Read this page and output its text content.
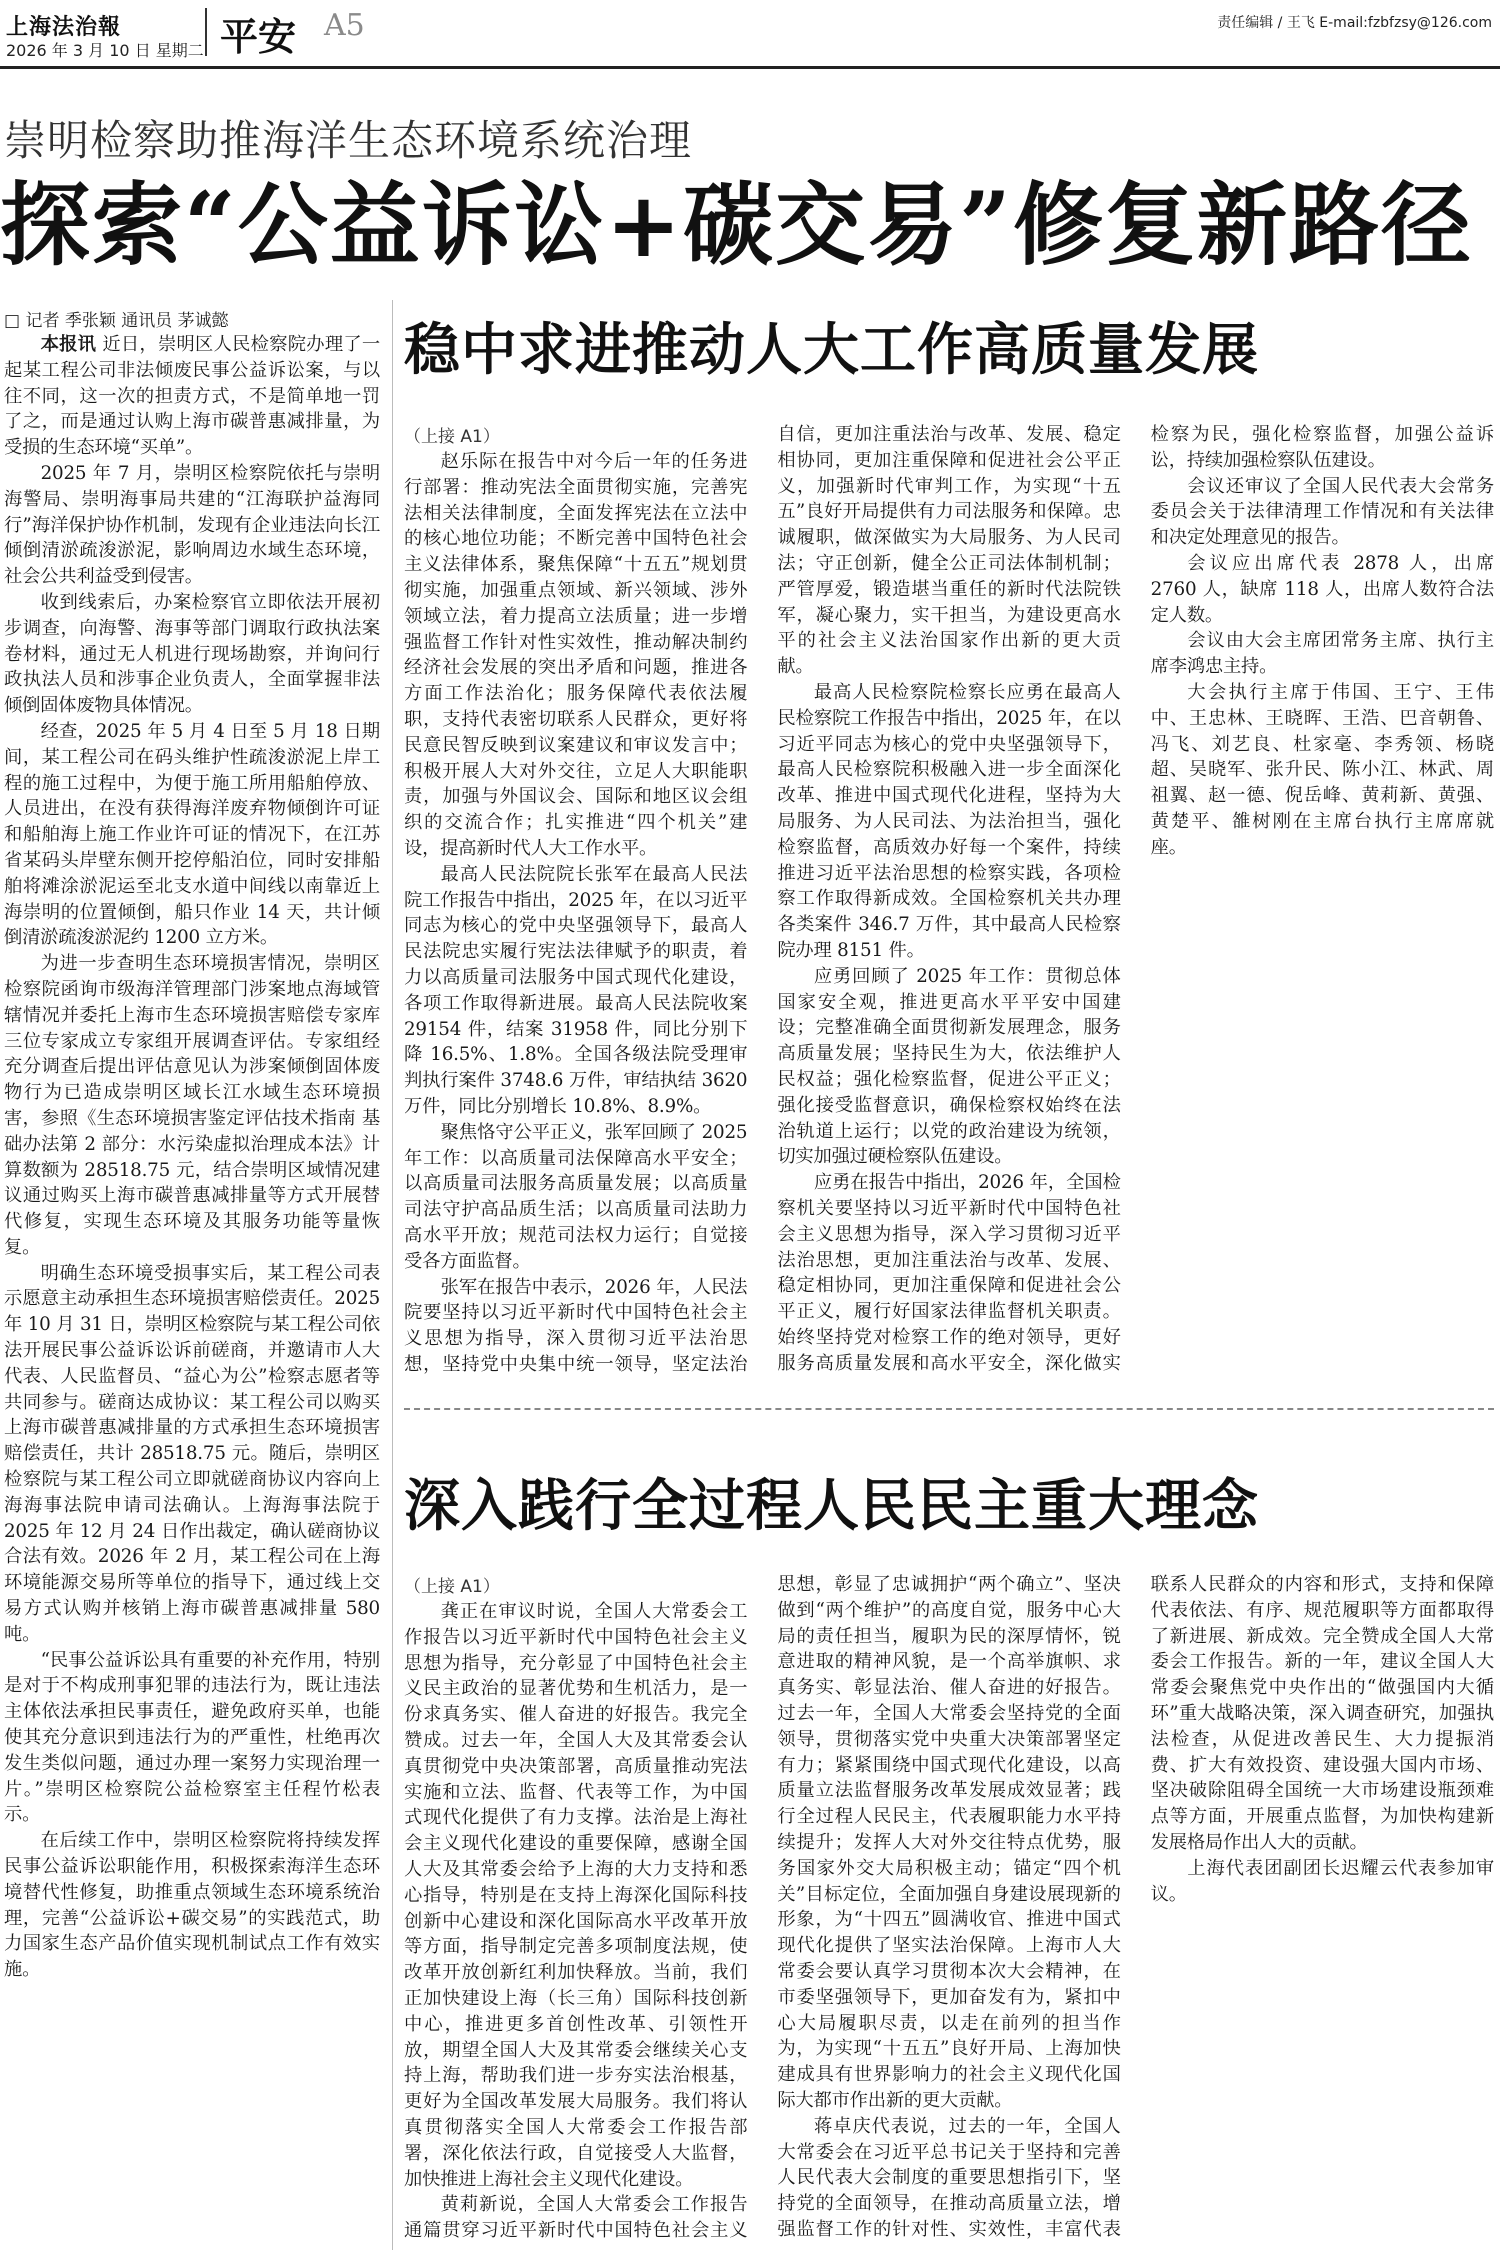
上海法治報
2026 年 3 月 10 日 星期二 平安 A5	责任编辑 / 王飞 E-mail:fzbfzsy@126.com
崇明检察助推海洋生态环境系统治理
探索“公益诉讼+碳交易”修复新路径
□ 记者 季张颖 通讯员 茅诚懿

本报讯 近日，崇明区人民检察院办理了一起某工程公司非法倾废民事公益诉讼案，与以往不同，这一次的担责方式，不是简单地一罚了之，而是通过认购上海市碳普惠减排量，为受损的生态环境“买单”。

2025 年 7 月，崇明区检察院依托与崇明海警局、崇明海事局共建的“江海联护益海同行”海洋保护协作机制，发现有企业违法向长江倾倒清淤疏浚淤泥，影响周边水域生态环境，社会公共利益受到侵害。

收到线索后，办案检察官立即依法开展初步调查，向海警、海事等部门调取行政执法案卷材料，通过无人机进行现场勘察，并询问行政执法人员和涉事企业负责人，全面掌握非法倾倒固体废物具体情况。

经查，2025 年 5 月 4 日至 5 月 18 日期间，某工程公司在码头维护性疏浚淤泥上岸工程的施工过程中，为便于施工所用船舶停放、人员进出，在没有获得海洋废弃物倾倒许可证和船舶海上施工作业许可证的情况下，在江苏省某码头岸壁东侧开挖停船泊位，同时安排船舶将滩涂淤泥运至北支水道中间线以南靠近上海崇明的位置倾倒，船只作业 14 天，共计倾倒清淤疏浚淤泥约 1200 立方米。

为进一步查明生态环境损害情况，崇明区检察院函询市级海洋管理部门涉案地点海域管辖情况并委托上海市生态环境损害赔偿专家库三位专家成立专家组开展调查评估。专家组经充分调查后提出评估意见认为涉案倾倒固体废物行为已造成崇明区域长江水域生态环境损害，参照《生态环境损害鉴定评估技术指南 基础办法第 2 部分：水污染虚拟治理成本法》计算数额为 28518.75 元，结合崇明区域情况建议通过购买上海市碳普惠减排量等方式开展替代修复，实现生态环境及其服务功能等量恢复。

明确生态环境受损事实后，某工程公司表示愿意主动承担生态环境损害赔偿责任。2025 年 10 月 31 日，崇明区检察院与某工程公司依法开展民事公益诉讼诉前磋商，并邀请市人大代表、人民监督员、“益心为公”检察志愿者等共同参与。磋商达成协议：某工程公司以购买上海市碳普惠减排量的方式承担生态环境损害赔偿责任，共计 28518.75 元。随后，崇明区检察院与某工程公司立即就磋商协议内容向上海海事法院申请司法确认。上海海事法院于 2025 年 12 月 24 日作出裁定，确认磋商协议合法有效。2026 年 2 月，某工程公司在上海环境能源交易所等单位的指导下，通过线上交易方式认购并核销上海市碳普惠减排量 580 吨。

“民事公益诉讼具有重要的补充作用，特别是对于不构成刑事犯罪的违法行为，既让违法主体依法承担民事责任，避免政府买单，也能使其充分意识到违法行为的严重性，杜绝再次发生类似问题，通过办理一案努力实现治理一片。”崇明区检察院公益检察室主任程竹松表示。

在后续工作中，崇明区检察院将持续发挥民事公益诉讼职能作用，积极探索海洋生态环境替代性修复，助推重点领域生态环境系统治理，完善“公益诉讼+碳交易”的实践范式，助力国家生态产品价值实现机制试点工作有效实施。

稳中求进推动人大工作高质量发展

（上接 A1）

赵乐际在报告中对今后一年的任务进行部署：推动宪法全面贯彻实施，完善宪法相关法律制度，全面发挥宪法在立法中的核心地位功能；不断完善中国特色社会主义法律体系，聚焦保障“十五五”规划贯彻实施，加强重点领域、新兴领域、涉外领域立法，着力提高立法质量；进一步增强监督工作针对性实效性，推动解决制约经济社会发展的突出矛盾和问题，推进各方面工作法治化；服务保障代表依法履职，支持代表密切联系人民群众，更好将民意民智反映到议案建议和审议发言中；积极开展人大对外交往，立足人大职能职责，加强与外国议会、国际和地区议会组织的交流合作；扎实推进“四个机关”建设，提高新时代人大工作水平。

最高人民法院院长张军在最高人民法院工作报告中指出，2025 年，在以习近平同志为核心的党中央坚强领导下，最高人民法院忠实履行宪法法律赋予的职责，着力以高质量司法服务中国式现代化建设，各项工作取得新进展。最高人民法院收案 29154 件，结案 31958 件，同比分别下降 16.5%、1.8%。全国各级法院受理审判执行案件 3748.6 万件，审结执结 3620 万件，同比分别增长 10.8%、8.9%。

聚焦恪守公平正义，张军回顾了 2025 年工作：以高质量司法保障高水平安全；以高质量司法服务高质量发展；以高质量司法守护高品质生活；以高质量司法助力高水平开放；规范司法权力运行；自觉接受各方面监督。

张军在报告中表示，2026 年，人民法院要坚持以习近平新时代中国特色社会主义思想为指导，深入贯彻习近平法治思想，坚持党中央集中统一领导，坚定法治自信，更加注重法治与改革、发展、稳定相协同，更加注重保障和促进社会公平正义，加强新时代审判工作，为实现“十五五”良好开局提供有力司法服务和保障。忠诚履职，做深做实为大局服务、为人民司法；守正创新，健全公正司法体制机制；严管厚爱，锻造堪当重任的新时代法院铁军，凝心聚力，实干担当，为建设更高水平的社会主义法治国家作出新的更大贡献。

最高人民检察院检察长应勇在最高人民检察院工作报告中指出，2025 年，在以习近平同志为核心的党中央坚强领导下，最高人民检察院积极融入进一步全面深化改革、推进中国式现代化进程，坚持为大局服务、为人民司法、为法治担当，强化检察监督，高质效办好每一个案件，持续推进习近平法治思想的检察实践，各项检察工作取得新成效。全国检察机关共办理各类案件 346.7 万件，其中最高人民检察院办理 8151 件。

应勇回顾了 2025 年工作：贯彻总体国家安全观，推进更高水平平安中国建设；完整准确全面贯彻新发展理念，服务高质量发展；坚持民生为大，依法维护人民权益；强化检察监督，促进公平正义；强化接受监督意识，确保检察权始终在法治轨道上运行；以党的政治建设为统领，切实加强过硬检察队伍建设。

应勇在报告中指出，2026 年，全国检察机关要坚持以习近平新时代中国特色社会主义思想为指导，深入学习贯彻习近平法治思想，更加注重法治与改革、发展、稳定相协同，更加注重保障和促进社会公平正义，履行好国家法律监督机关职责。始终坚持党对检察工作的绝对领导，更好服务高质量发展和高水平安全，深化做实检察为民，强化检察监督，加强公益诉讼，持续加强检察队伍建设。

会议还审议了全国人民代表大会常务委员会关于法律清理工作情况和有关法律和决定处理意见的报告。

会议应出席代表 2878 人，出席 2760 人，缺席 118 人，出席人数符合法定人数。

会议由大会主席团常务主席、执行主席李鸿忠主持。

大会执行主席于伟国、王宁、王伟中、王忠林、王晓晖、王浩、巴音朝鲁、冯飞、刘艺良、杜家毫、李秀领、杨晓超、吴晓军、张升民、陈小江、林武、周祖翼、赵一德、倪岳峰、黄莉新、黄强、黄楚平、雒树刚在主席台执行主席席就座。

深入践行全过程人民民主重大理念

（上接 A1）

龚正在审议时说，全国人大常委会工作报告以习近平新时代中国特色社会主义思想为指导，充分彰显了中国特色社会主义民主政治的显著优势和生机活力，是一份求真务实、催人奋进的好报告。我完全赞成。过去一年，全国人大及其常委会认真贯彻党中央决策部署，高质量推动宪法实施和立法、监督、代表等工作，为中国式现代化提供了有力支撑。法治是上海社会主义现代化建设的重要保障，感谢全国人大及其常委会给予上海的大力支持和悉心指导，特别是在支持上海深化国际科技创新中心建设和深化国际高水平改革开放等方面，指导制定完善多项制度法规，使改革开放创新红利加快释放。当前，我们正加快建设上海（长三角）国际科技创新中心，推进更多首创性改革、引领性开放，期望全国人大及其常委会继续关心支持上海，帮助我们进一步夯实法治根基，更好为全国改革发展大局服务。我们将认真贯彻落实全国人大常委会工作报告部署，深化依法行政，自觉接受人大监督，加快推进上海社会主义现代化建设。

黄莉新说，全国人大常委会工作报告通篇贯穿习近平新时代中国特色社会主义思想，彰显了忠诚拥护“两个确立”、坚决做到“两个维护”的高度自觉，服务中心大局的责任担当，履职为民的深厚情怀，锐意进取的精神风貌，是一个高举旗帜、求真务实、彰显法治、催人奋进的好报告。过去一年，全国人大常委会坚持党的全面领导，贯彻落实党中央重大决策部署坚定有力；紧紧围绕中国式现代化建设，以高质量立法监督服务改革发展成效显著；践行全过程人民民主，代表履职能力水平持续提升；发挥人大对外交往特点优势，服务国家外交大局积极主动；锚定“四个机关”目标定位，全面加强自身建设展现新的形象，为“十四五”圆满收官、推进中国式现代化提供了坚实法治保障。上海市人大常委会要认真学习贯彻本次大会精神，在市委坚强领导下，更加奋发有为，紧扣中心大局履职尽责，以走在前列的担当作为，为实现“十五五”良好开局、上海加快建成具有世界影响力的社会主义现代化国际大都市作出新的更大贡献。

蒋卓庆代表说，过去的一年，全国人大常委会在习近平总书记关于坚持和完善人民代表大会制度的重要思想指引下，坚持党的全面领导，在推动高质量立法，增强监督工作的针对性、实效性，丰富代表联系人民群众的内容和形式，支持和保障代表依法、有序、规范履职等方面都取得了新进展、新成效。完全赞成全国人大常委会工作报告。新的一年，建议全国人大常委会聚焦党中央作出的“做强国内大循环”重大战略决策，深入调查研究，加强执法检查，从促进改善民生、大力提振消费、扩大有效投资、建设强大国内市场、坚决破除阻碍全国统一大市场建设瓶颈难点等方面，开展重点监督，为加快构建新发展格局作出人大的贡献。

上海代表团副团长迟耀云代表参加审议。
